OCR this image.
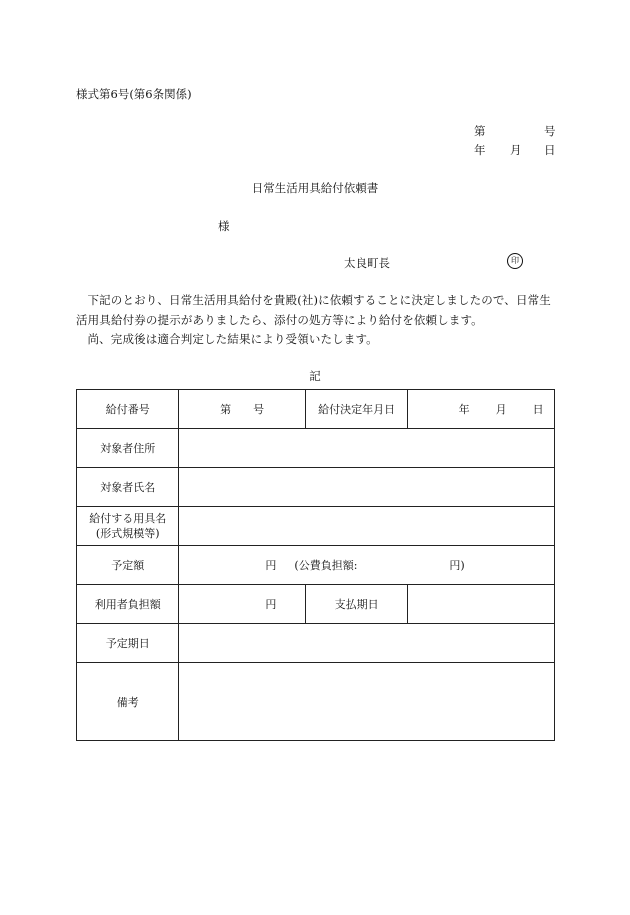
様式第6号(第6条関係)
第	号
年 月 日
日常生活用具給付依頼書
様
太良町長	印

下記のとおり、日常生活用具給付を貴殿(社)に依頼することに決定しましたので、日常生活用具給付券の提示がありましたら、添付の処方等により給付を依頼します。

尚、完成後は適合判定した結果により受領いたします。

記
給付番号	第 号	給付決定年月日	年 月 日
対象者住所			
対象者氏名			

給付する用具名
(形式規模等)			

予定額	円 (公費負担額: 円)		
利用者負担額	円	支払期日	
予定期日			
備考			
